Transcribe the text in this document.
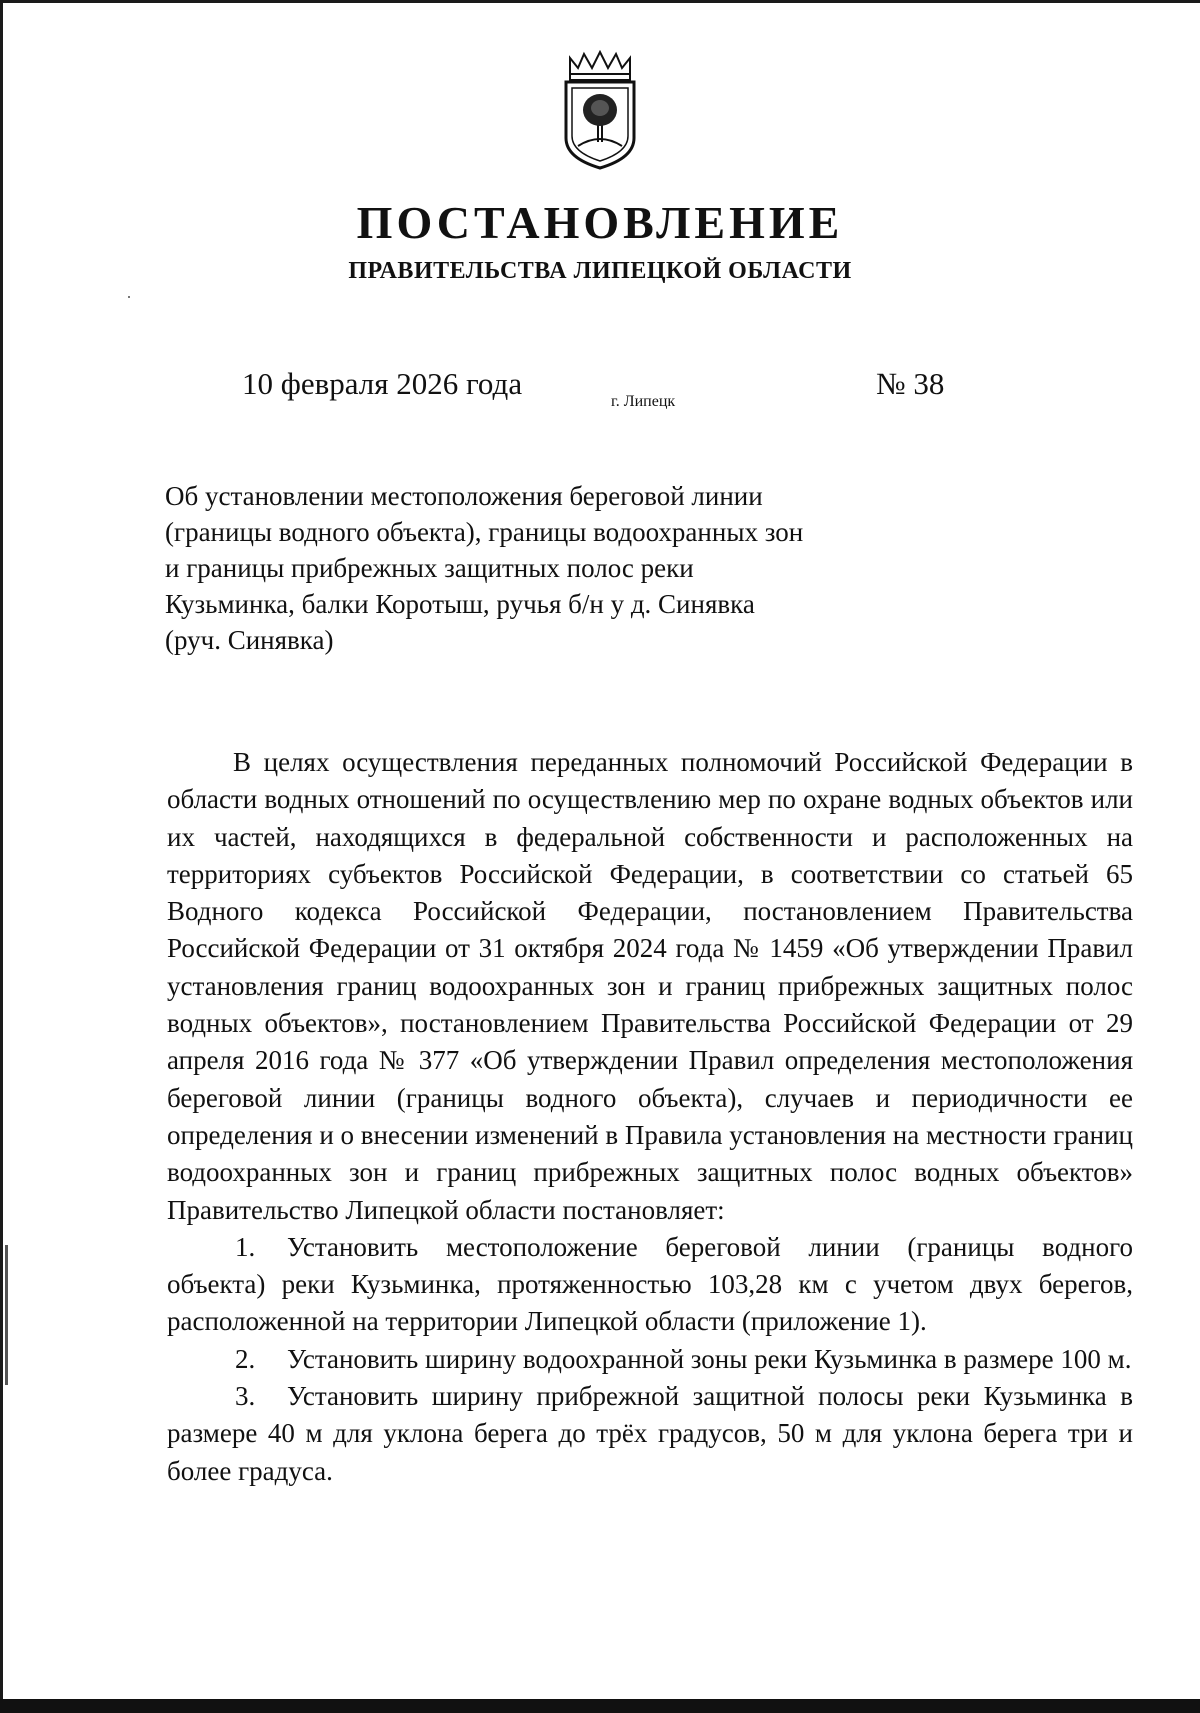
ПОСТАНОВЛЕНИЕ
ПРАВИТЕЛЬСТВА ЛИПЕЦКОЙ ОБЛАСТИ
10 февраля 2026 года
г. Липецк
№ 38
Об установлении местоположения береговой линии (границы водного объекта), границы водоохранных зон и границы прибрежных защитных полос реки Кузьминка, балки Коротыш, ручья б/н у д. Синявка (руч. Синявка)

В целях осуществления переданных полномочий Российской Федерации в области водных отношений по осуществлению мер по охране водных объектов или их частей, находящихся в федеральной собственности и расположенных на территориях субъектов Российской Федерации, в соответствии со статьей 65 Водного кодекса Российской Федерации, постановлением Правительства Российской Федерации от 31 октября 2024 года № 1459 «Об утверждении Правил установления границ водоохранных зон и границ прибрежных защитных полос водных объектов», постановлением Правительства Российской Федерации от 29 апреля 2016 года № 377 «Об утверждении Правил определения местоположения береговой линии (границы водного объекта), случаев и периодичности ее определения и о внесении изменений в Правила установления на местности границ водоохранных зон и границ прибрежных защитных полос водных объектов» Правительство Липецкой области постановляет:

1. Установить местоположение береговой линии (границы водного объекта) реки Кузьминка, протяженностью 103,28 км с учетом двух берегов, расположенной на территории Липецкой области (приложение 1).

2. Установить ширину водоохранной зоны реки Кузьминка в размере 100 м.

3. Установить ширину прибрежной защитной полосы реки Кузьминка в размере 40 м для уклона берега до трёх градусов, 50 м для уклона берега три и более градуса.
